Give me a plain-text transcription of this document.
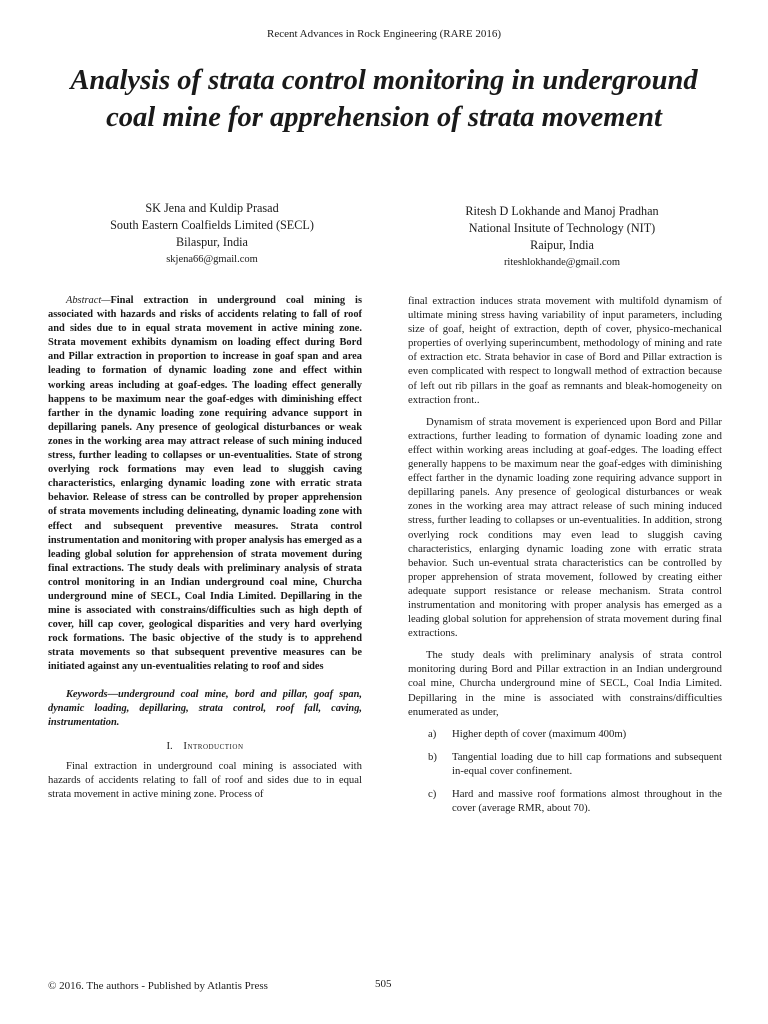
Recent Advances in Rock Engineering (RARE 2016)
Analysis of strata control monitoring in underground coal mine for apprehension of strata movement
SK Jena and Kuldip Prasad
South Eastern Coalfields Limited (SECL)
Bilaspur, India
skjena66@gmail.com
Ritesh D Lokhande and Manoj Pradhan
National Insitute of Technology (NIT)
Raipur, India
riteshlokhande@gmail.com

Abstract—Final extraction in underground coal mining is associated with hazards and risks of accidents relating to fall of roof and sides due to in equal strata movement in active mining zone. Strata movement exhibits dynamism on loading effect during Bord and Pillar extraction in proportion to increase in goaf span and area leading to formation of dynamic loading zone and effect within working areas including at goaf-edges. The loading effect generally happens to be maximum near the goaf-edges with diminishing effect farther in the dynamic loading zone requiring advance support in depillaring panels. Any presence of geological disturbances or weak zones in the working area may attract release of such mining induced stress, further leading to collapses or un-eventualities. State of strong overlying rock formations may even lead to sluggish caving characteristics, enlarging dynamic loading zone with erratic strata behavior. Release of stress can be controlled by proper apprehension of strata movements including delineating, dynamic loading zone with effect and subsequent preventive measures. Strata control instrumentation and monitoring with proper analysis has emerged as a leading global solution for apprehension of strata movement during final extractions. The study deals with preliminary analysis of strata control monitoring in an Indian underground coal mine, Churcha underground mine of SECL, Coal India Limited. Depillaring in the mine is associated with constrains/difficulties such as high depth of cover, hill cap cover, geological disparities and very hard overlying rock formations. The basic objective of the study is to apprehend strata movements so that subsequent preventive measures can be initiated against any un-eventualities relating to roof and sides

Keywords—underground coal mine, bord and pillar, goaf span, dynamic loading, depillaring, strata control, roof fall, caving, instrumentation.

I. Introduction

Final extraction in underground coal mining is associated with hazards of accidents relating to fall of roof and sides due to in equal strata movement in active mining zone. Process of

final extraction induces strata movement with multifold dynamism of ultimate mining stress having variability of input parameters, including size of goaf, height of extraction, depth of cover, physico-mechanical properties of overlying superincumbent, methodology of mining and rate of extraction etc. Strata behavior in case of Bord and Pillar extraction is even complicated with respect to longwall method of extraction because of left out rib pillars in the goaf as remnants and bleak-homogeneity on extraction front..

Dynamism of strata movement is experienced upon Bord and Pillar extractions, further leading to formation of dynamic loading zone and effect within working areas including at goaf-edges. The loading effect generally happens to be maximum near the goaf-edges with diminishing effect farther in the dynamic loading zone requiring advance support in depillaring panels. Any presence of geological disturbances or weak zones in the working area may attract release of such mining induced stress, further leading to collapses or un-eventualities. In addition, strong overlying rock conditions may even lead to sluggish caving characteristics, enlarging dynamic loading zone with erratic strata behavior. Such un-eventual strata characteristics can be controlled by proper apprehension of strata movement, followed by creating either adequate support resistance or release mechanism. Strata control instrumentation and monitoring with proper analysis has emerged as a leading global solution for apprehension of strata movement during final extractions.

The study deals with preliminary analysis of strata control monitoring during Bord and Pillar extraction in an Indian underground coal mine, Churcha underground mine of SECL, Coal India Limited. Depillaring in the mine is associated with constrains/difficulties enumerated as under,

a)	Higher depth of cover (maximum 400m)
b)	Tangential loading due to hill cap formations and subsequent in-equal cover confinement.
c)	Hard and massive roof formations almost throughout in the cover (average RMR, about 70).
© 2016. The authors - Published by Atlantis Press	505
